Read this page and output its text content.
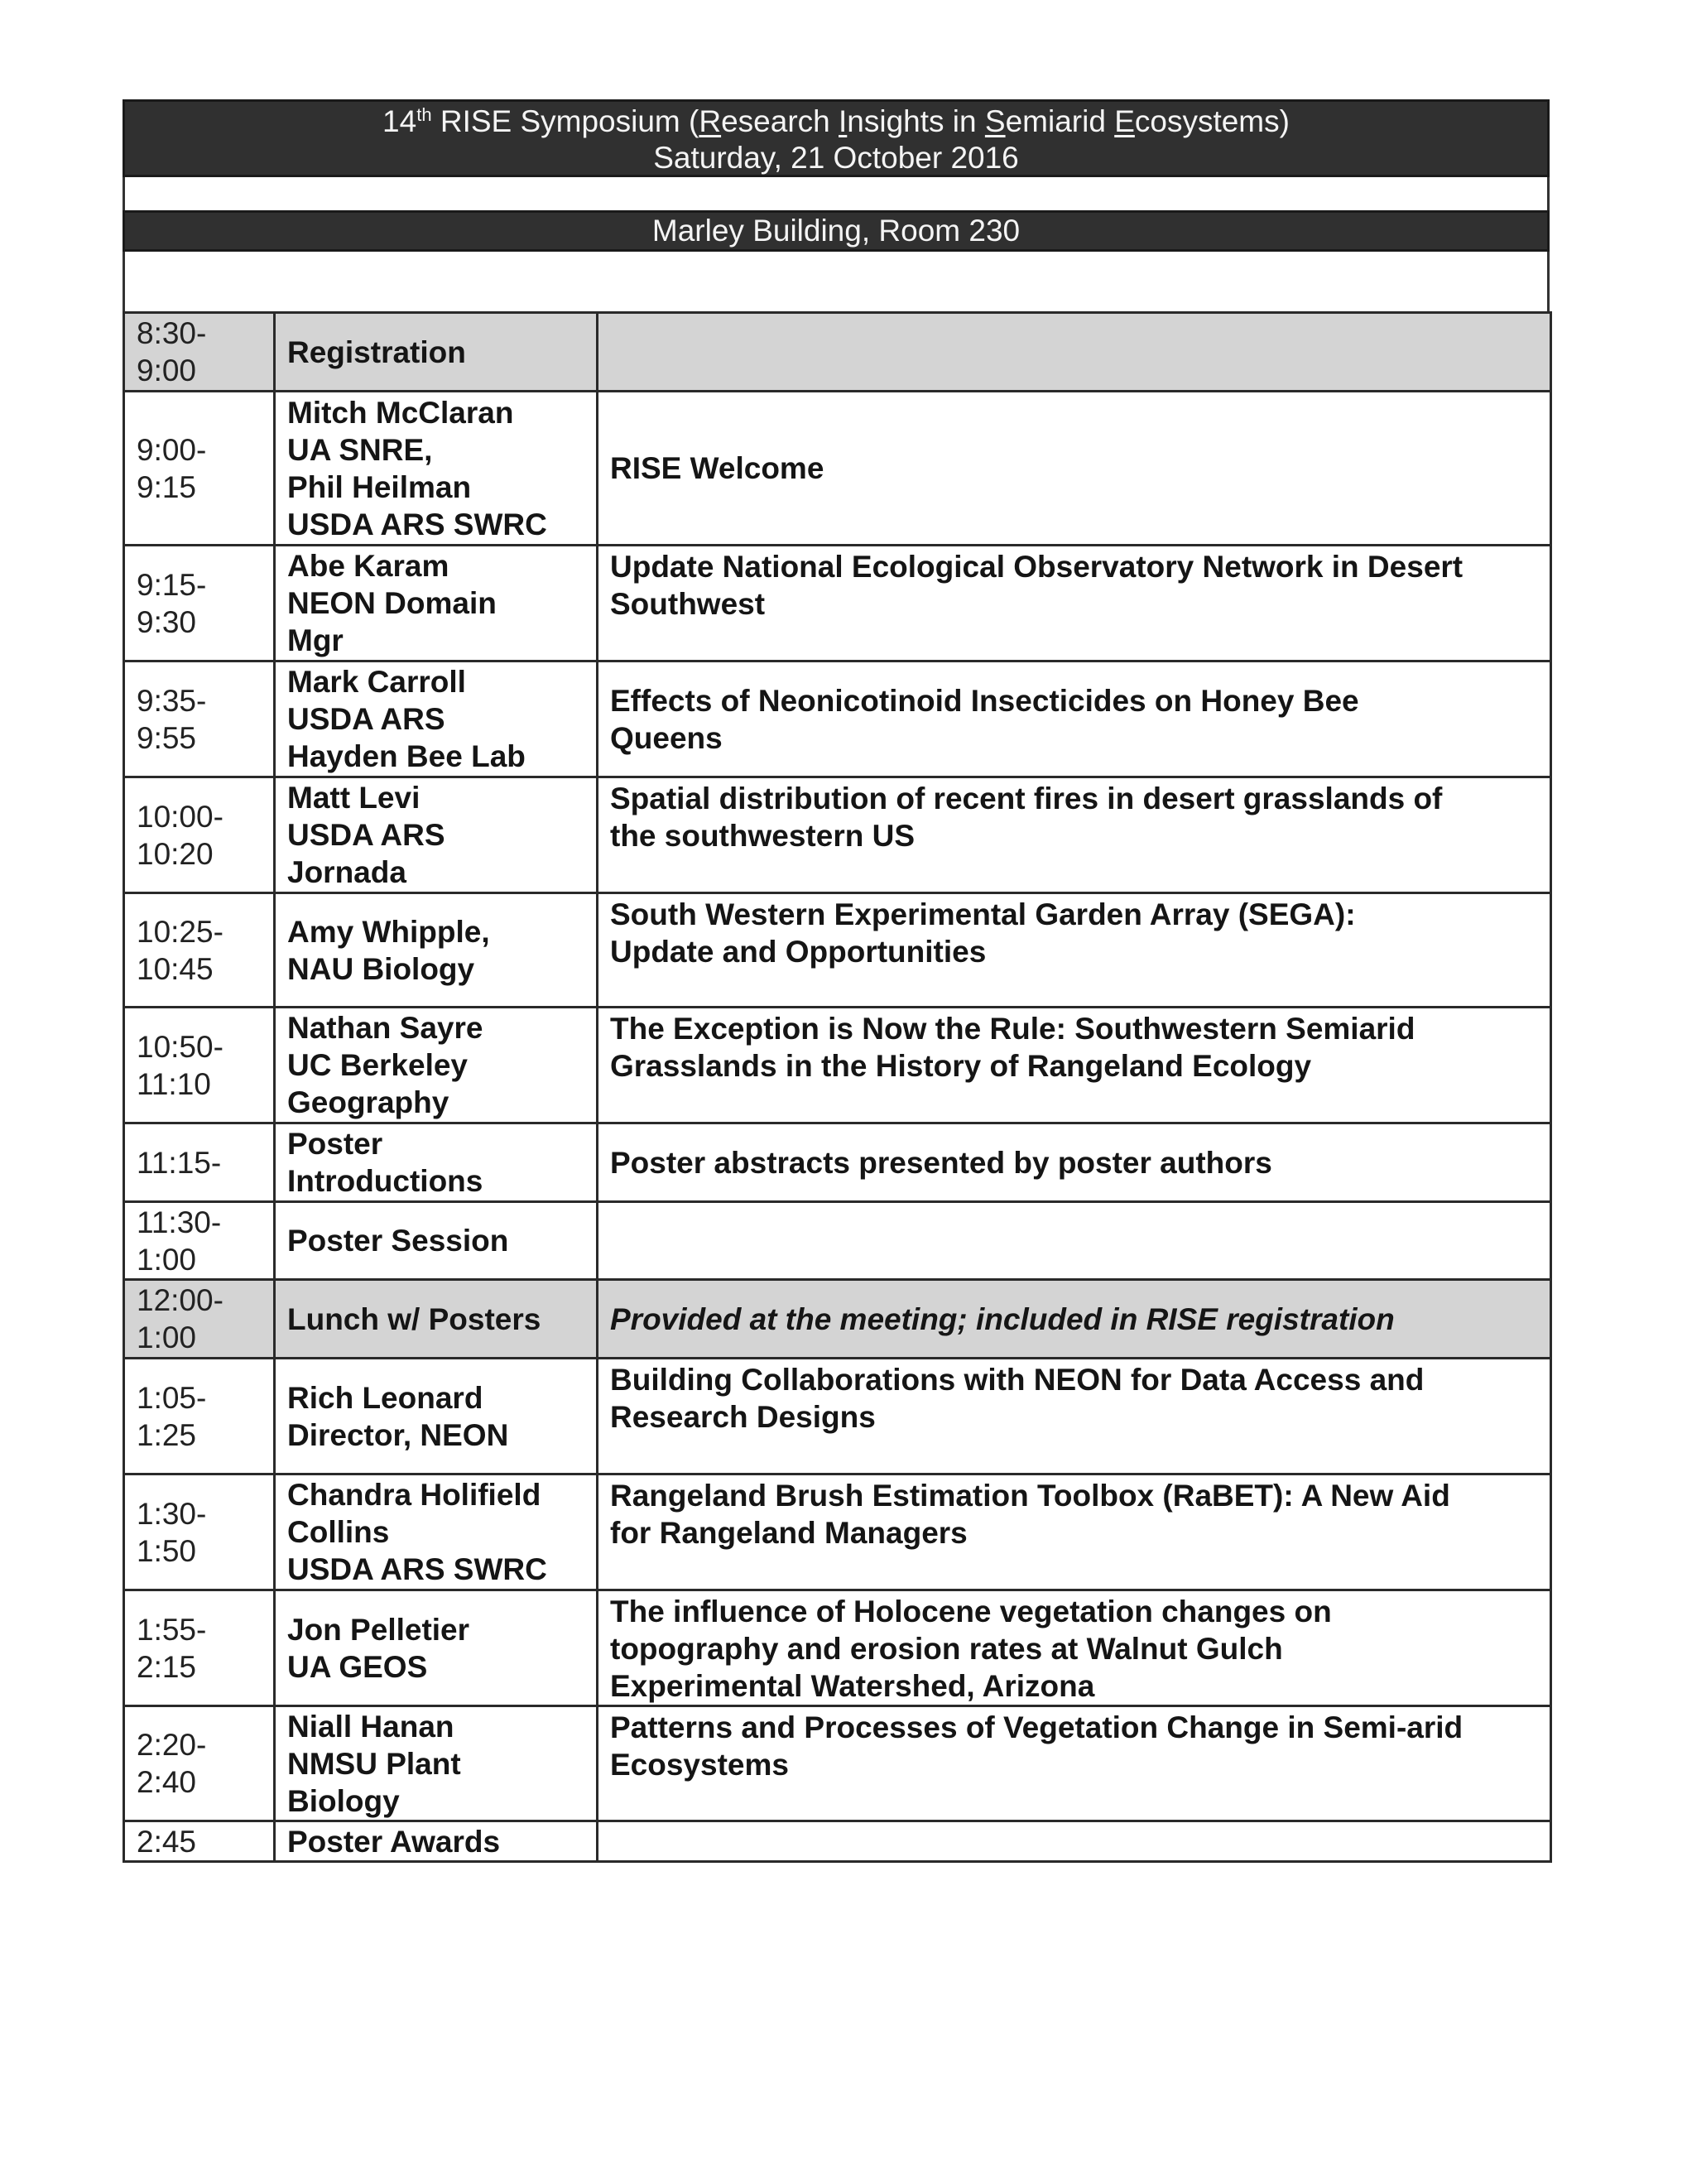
14th RISE Symposium (Research Insights in Semiarid Ecosystems)
Saturday, 21 October 2016
Marley Building, Room 230
8:30-
9:00	Registration	

9:00-
9:15	Mitch McClaran
UA SNRE,
Phil Heilman
USDA ARS SWRC	RISE Welcome

9:15-
9:30	Abe Karam
NEON Domain
Mgr	Update National Ecological Observatory Network in Desert
Southwest

9:35-
9:55	Mark Carroll
USDA ARS
Hayden Bee Lab	Effects of Neonicotinoid Insecticides on Honey Bee
Queens

10:00-
10:20	Matt Levi
USDA ARS
Jornada	Spatial distribution of recent fires in desert grasslands of
the southwestern US

10:25-
10:45	Amy Whipple,
NAU Biology	South Western Experimental Garden Array (SEGA):
Update and Opportunities

10:50-
11:10	Nathan Sayre
UC Berkeley
Geography	The Exception is Now the Rule: Southwestern Semiarid
Grasslands in the History of Rangeland Ecology

11:15-	Poster
Introductions	Poster abstracts presented by poster authors

11:30-
1:00	Poster Session	

12:00-
1:00	Lunch w/ Posters	Provided at the meeting; included in RISE registration

1:05-
1:25	Rich Leonard
Director, NEON	Building Collaborations with NEON for Data Access and
Research Designs

1:30-
1:50	Chandra Holifield
Collins
USDA ARS SWRC	Rangeland Brush Estimation Toolbox (RaBET): A New Aid
for Rangeland Managers

1:55-
2:15	Jon Pelletier
UA GEOS	The influence of Holocene vegetation changes on
topography and erosion rates at Walnut Gulch
Experimental Watershed, Arizona

2:20-
2:40	Niall Hanan
NMSU Plant
Biology	Patterns and Processes of Vegetation Change in Semi-arid
Ecosystems

2:45	Poster Awards	
